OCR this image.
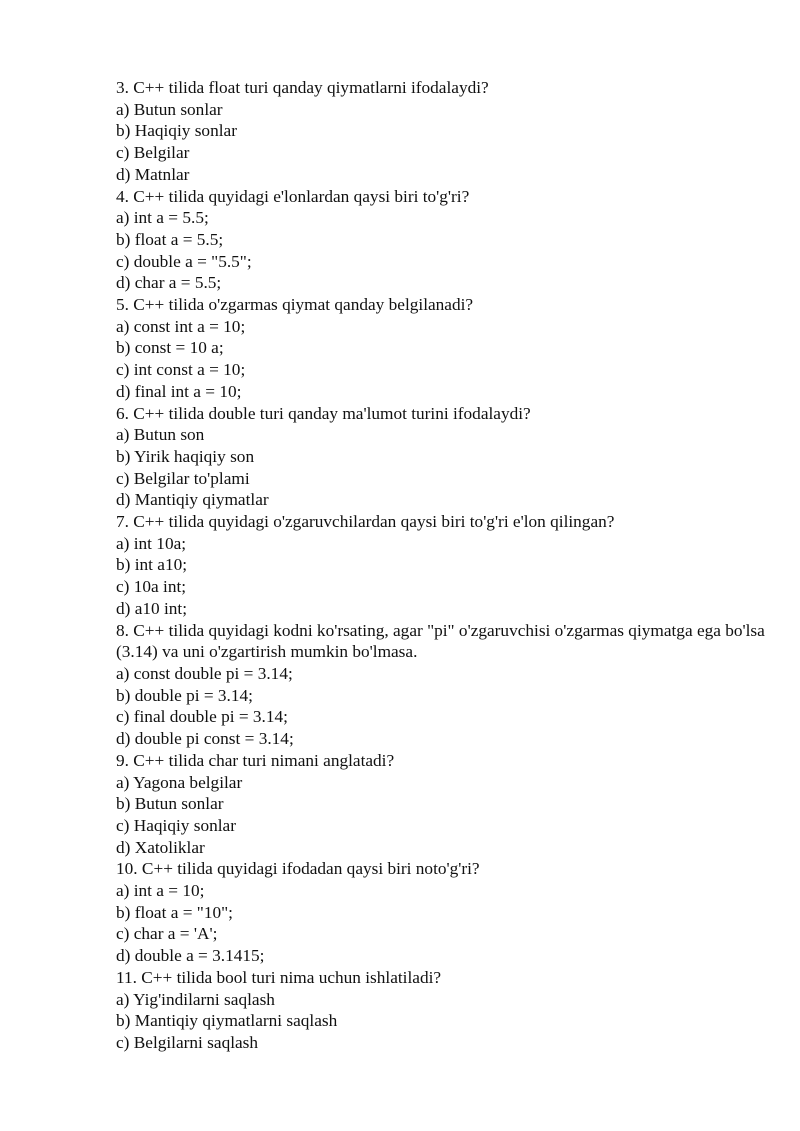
3. C++ tilida float turi qanday qiymatlarni ifodalaydi?

a) Butun sonlar

b) Haqiqiy sonlar

c) Belgilar

d) Matnlar

4. C++ tilida quyidagi e'lonlardan qaysi biri to'g'ri?

a) int a = 5.5;

b) float a = 5.5;

c) double a = "5.5";

d) char a = 5.5;

5. C++ tilida o'zgarmas qiymat qanday belgilanadi?

a) const int a = 10;

b) const = 10 a;

c) int const a = 10;

d) final int a = 10;

6. C++ tilida double turi qanday ma'lumot turini ifodalaydi?

a) Butun son

b) Yirik haqiqiy son

c) Belgilar to'plami

d) Mantiqiy qiymatlar

7. C++ tilida quyidagi o'zgaruvchilardan qaysi biri to'g'ri e'lon qilingan?

a) int 10a;

b) int a10;

c) 10a int;

d) a10 int;

8. C++ tilida quyidagi kodni ko'rsating, agar "pi" o'zgaruvchisi o'zgarmas qiymatga ega bo'lsa (3.14) va uni o'zgartirish mumkin bo'lmasa.

a) const double pi = 3.14;

b) double pi = 3.14;

c) final double pi = 3.14;

d) double pi const = 3.14;

9. C++ tilida char turi nimani anglatadi?

a) Yagona belgilar

b) Butun sonlar

c) Haqiqiy sonlar

d) Xatoliklar

10. C++ tilida quyidagi ifodadan qaysi biri noto'g'ri?

a) int a = 10;

b) float a = "10";

c) char a = 'A';

d) double a = 3.1415;

11. C++ tilida bool turi nima uchun ishlatiladi?

a) Yig'indilarni saqlash

b) Mantiqiy qiymatlarni saqlash

c) Belgilarni saqlash
